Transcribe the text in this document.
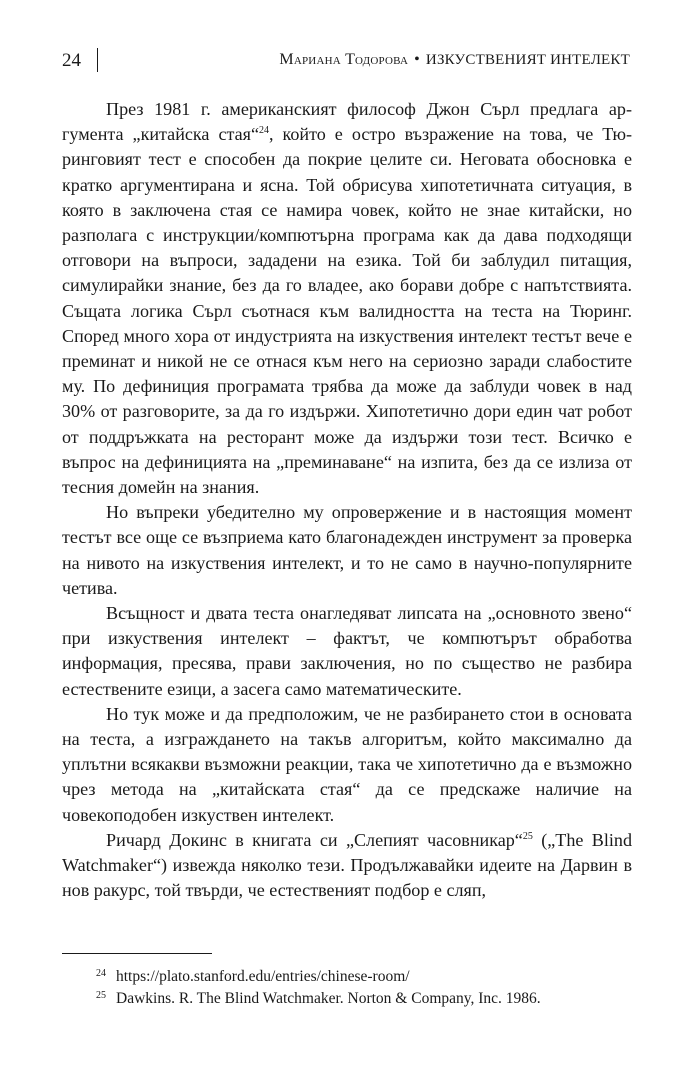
24	Мариана Тодорова • ИЗКУСТВЕНИЯТ ИНТЕЛЕКТ

През 1981 г. американският философ Джон Сърл предлага аргумента „китайска стая“$^{24}$, който е остро възражение на това, че Тюринговият тест е способен да покрие целите си. Неговата обосновка е кратко аргументирана и ясна. Той обрисува хипотетичната ситуация, в която в заключена стая се намира човек, който не знае китайски, но разполага с инструкции/компютърна програма как да дава подходящи отговори на въпроси, зададени на езика. Той би заблудил питащия, симулирайки знание, без да го владее, ако борави добре с напътствията. Същата логика Сърл съотнася към валидността на теста на Тюринг. Според много хора от индустрията на изкуствения интелект тестът вече е преминат и никой не се отнася към него на сериозно заради слабостите му. По дефиниция програмата трябва да може да заблуди човек в над 30% от разговорите, за да го издържи. Хипотетично дори един чат робот от поддръжката на ресторант може да издържи този тест. Всичко е въпрос на дефиницията на „преминаване“ на изпита, без да се излиза от тесния домейн на знания.

Но въпреки убедително му опровержение и в настоящия момент тестът все още се възприема като благонадежден инструмент за проверка на нивото на изкуствения интелект, и то не само в научно-популярните четива.

Всъщност и двата теста онагледяват липсата на „основното звено“ при изкуствения интелект – фактът, че компютърът обработва информация, пресява, прави заключения, но по същество не разбира естествените езици, а засега само математическите.

Но тук може и да предположим, че не разбирането стои в основата на теста, а изграждането на такъв алгоритъм, който максимално да уплътни всякакви възможни реакции, така че хипотетично да е възможно чрез метода на „китайската стая“ да се предскаже наличие на човекоподобен изкуствен интелект.

Ричард Докинс в книгата си „Слепият часовникар“$^{25}$ („The Blind Watchmaker“) извежда няколко тези. Продължавайки идеите на Дарвин в нов ракурс, той твърди, че естественият подбор е сляп,

24 https://plato.stanford.edu/entries/chinese-room/
25 Dawkins. R. The Blind Watchmaker. Norton & Company, Inc. 1986.
